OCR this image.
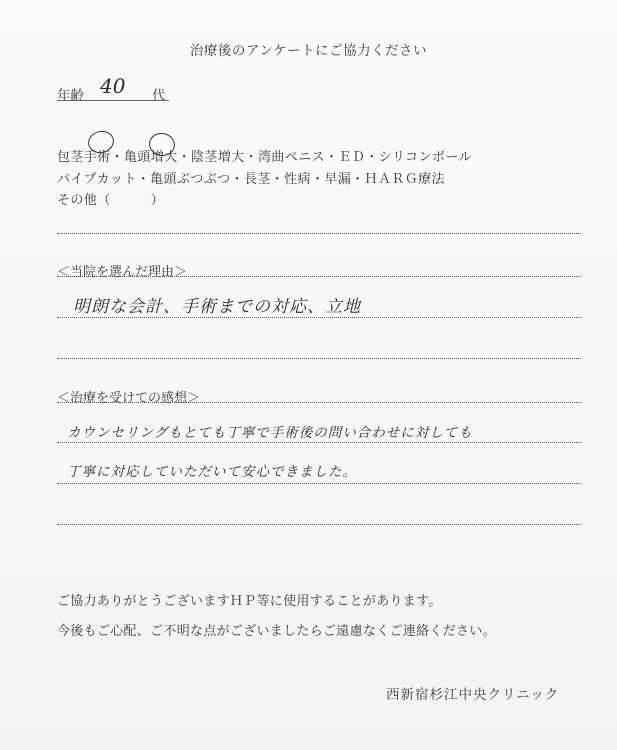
治療後のアンケートにご協力ください
年齢 40 代
包茎手術・亀頭増大・陰茎増大・湾曲ペニス・ＥＤ・シリコンボール
パイプカット・亀頭ぶつぶつ・長茎・性病・早漏・ＨＡＲＧ療法
その他（　　　）
＜当院を選んだ理由＞
明朗な会計、手術までの対応、立地
＜治療を受けての感想＞
カウンセリングもとても丁寧で手術後の問い合わせに対しても
丁寧に対応していただいて安心できました。
ご協力ありがとうございますＨＰ等に使用することがあります。
今後もご心配、ご不明な点がございましたらご遠慮なくご連絡ください。
西新宿杉江中央クリニック
